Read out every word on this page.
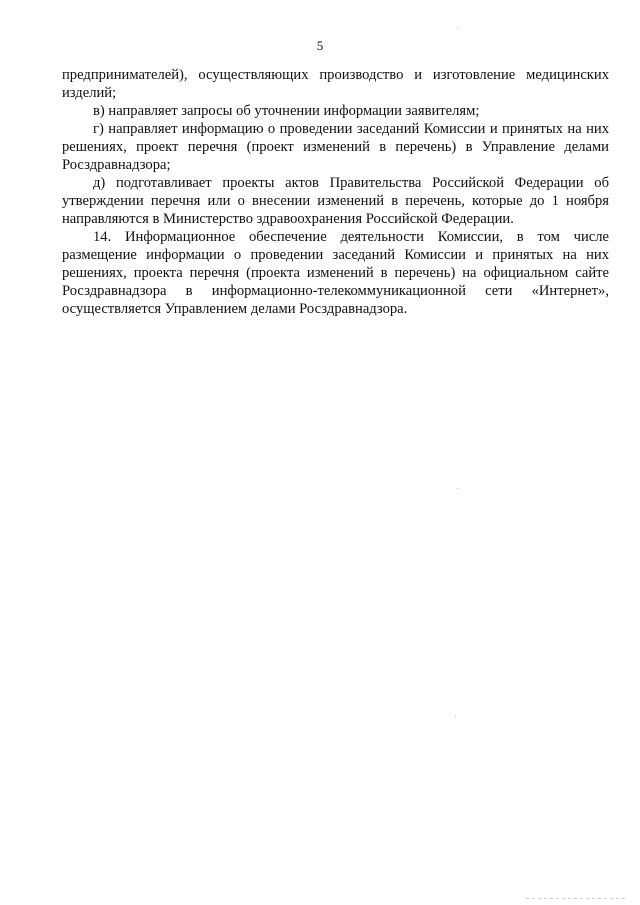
5

предпринимателей), осуществляющих производство и изготовление медицинских изделий;

в) направляет запросы об уточнении информации заявителям;

г) направляет информацию о проведении заседаний Комиссии и принятых на них решениях, проект перечня (проект изменений в перечень) в Управление делами Росздравнадзора;

д) подготавливает проекты актов Правительства Российской Федерации об утверждении перечня или о внесении изменений в перечень, которые до 1 ноября направляются в Министерство здравоохранения Российской Федерации.

14. Информационное обеспечение деятельности Комиссии, в том числе размещение информации о проведении заседаний Комиссии и принятых на них решениях, проекта перечня (проекта изменений в перечень) на официальном сайте Росздравнадзора в информационно-телекоммуникационной сети «Интернет», осуществляется Управлением делами Росздравнадзора.
